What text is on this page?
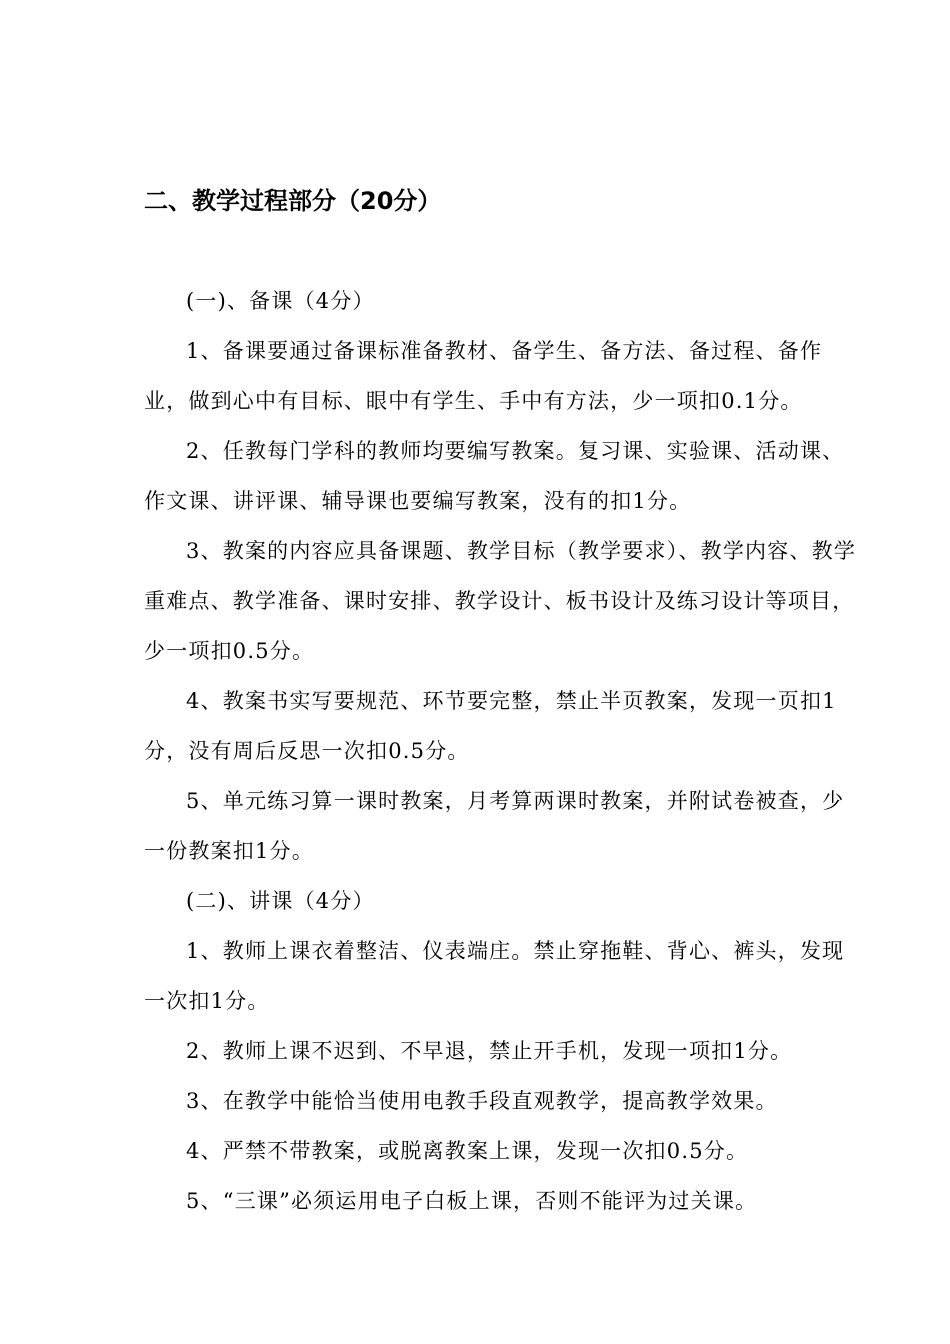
二、教学过程部分（20分）

(一)、备课（4分）

1、备课要通过备课标准备教材、备学生、备方法、备过程、备作业，做到心中有目标、眼中有学生、手中有方法，少一项扣0.1分。

2、任教每门学科的教师均要编写教案。复习课、实验课、活动课、作文课、讲评课、辅导课也要编写教案，没有的扣1分。

3、教案的内容应具备课题、教学目标（教学要求）、教学内容、教学重难点、教学准备、课时安排、教学设计、板书设计及练习设计等项目，少一项扣0.5分。

4、教案书实写要规范、环节要完整，禁止半页教案，发现一页扣1分，没有周后反思一次扣0.5分。

5、单元练习算一课时教案，月考算两课时教案，并附试卷被查，少一份教案扣1分。

(二)、讲课（4分）

1、教师上课衣着整洁、仪表端庄。禁止穿拖鞋、背心、裤头，发现一次扣1分。

2、教师上课不迟到、不早退，禁止开手机，发现一项扣1分。

3、在教学中能恰当使用电教手段直观教学，提高教学效果。

4、严禁不带教案，或脱离教案上课，发现一次扣0.5分。

5、“三课”必须运用电子白板上课，否则不能评为过关课。
